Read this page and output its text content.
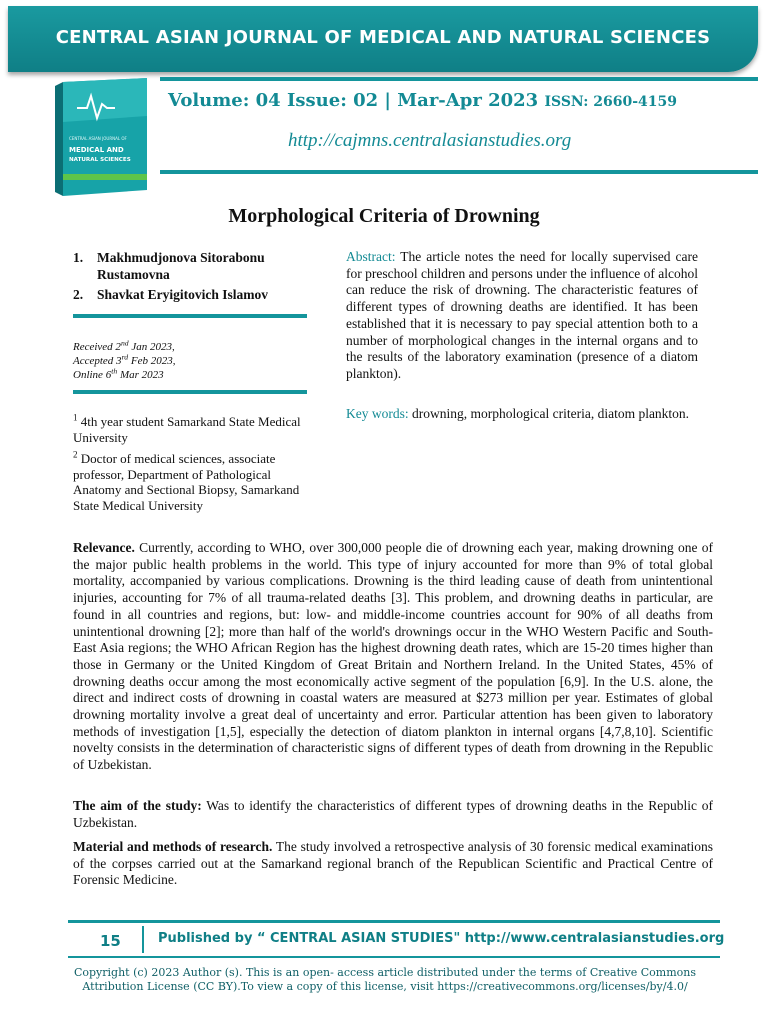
CENTRAL ASIAN JOURNAL OF MEDICAL AND NATURAL SCIENCES
CENTRAL ASIAN JOURNAL OF
MEDICAL AND
NATURAL SCIENCES
Volume: 04 Issue: 02 | Mar-Apr 2023 ISSN: 2660-4159
http://cajmns.centralasianstudies.org
Morphological Criteria of Drowning
1.	Makhmudjonova Sitorabonu Rustamovna
2.	Shavkat Eryigitovich Islamov
Received 2nd Jan 2023,
Accepted 3rd Feb 2023,
Online 6th Mar 2023
$^1$ 4th year student Samarkand State Medical University
$^2$ Doctor of medical sciences, associate professor, Department of Pathological Anatomy and Sectional Biopsy, Samarkand State Medical University
Abstract: The article notes the need for locally supervised care for preschool children and persons under the influence of alcohol can reduce the risk of drowning. The characteristic features of different types of drowning deaths are identified. It has been established that it is necessary to pay special attention both to a number of morphological changes in the internal organs and to the results of the laboratory examination (presence of a diatom plankton).
Key words: drowning, morphological criteria, diatom plankton.
Relevance. Currently, according to WHO, over 300,000 people die of drowning each year, making drowning one of the major public health problems in the world. This type of injury accounted for more than 9% of total global mortality, accompanied by various complications. Drowning is the third leading cause of death from unintentional injuries, accounting for 7% of all trauma-related deaths [3]. This problem, and drowning deaths in particular, are found in all countries and regions, but: low- and middle-income countries account for 90% of all deaths from unintentional drowning [2]; more than half of the world's drownings occur in the WHO Western Pacific and South-East Asia regions; the WHO African Region has the highest drowning death rates, which are 15-20 times higher than those in Germany or the United Kingdom of Great Britain and Northern Ireland. In the United States, 45% of drowning deaths occur among the most economically active segment of the population [6,9]. In the U.S. alone, the direct and indirect costs of drowning in coastal waters are measured at $273 million per year. Estimates of global drowning mortality involve a great deal of uncertainty and error. Particular attention has been given to laboratory methods of investigation [1,5], especially the detection of diatom plankton in internal organs [4,7,8,10]. Scientific novelty consists in the determination of characteristic signs of different types of death from drowning in the Republic of Uzbekistan.
The aim of the study: Was to identify the characteristics of different types of drowning deaths in the Republic of Uzbekistan.
Material and methods of research. The study involved a retrospective analysis of 30 forensic medical examinations of the corpses carried out at the Samarkand regional branch of the Republican Scientific and Practical Centre of Forensic Medicine.
15	Published by “ CENTRAL ASIAN STUDIES" http://www.centralasianstudies.org
Copyright (c) 2023 Author (s). This is an open- access article distributed under the terms of Creative Commons Attribution License (CC BY).To view a copy of this license, visit https://creativecommons.org/licenses/by/4.0/
